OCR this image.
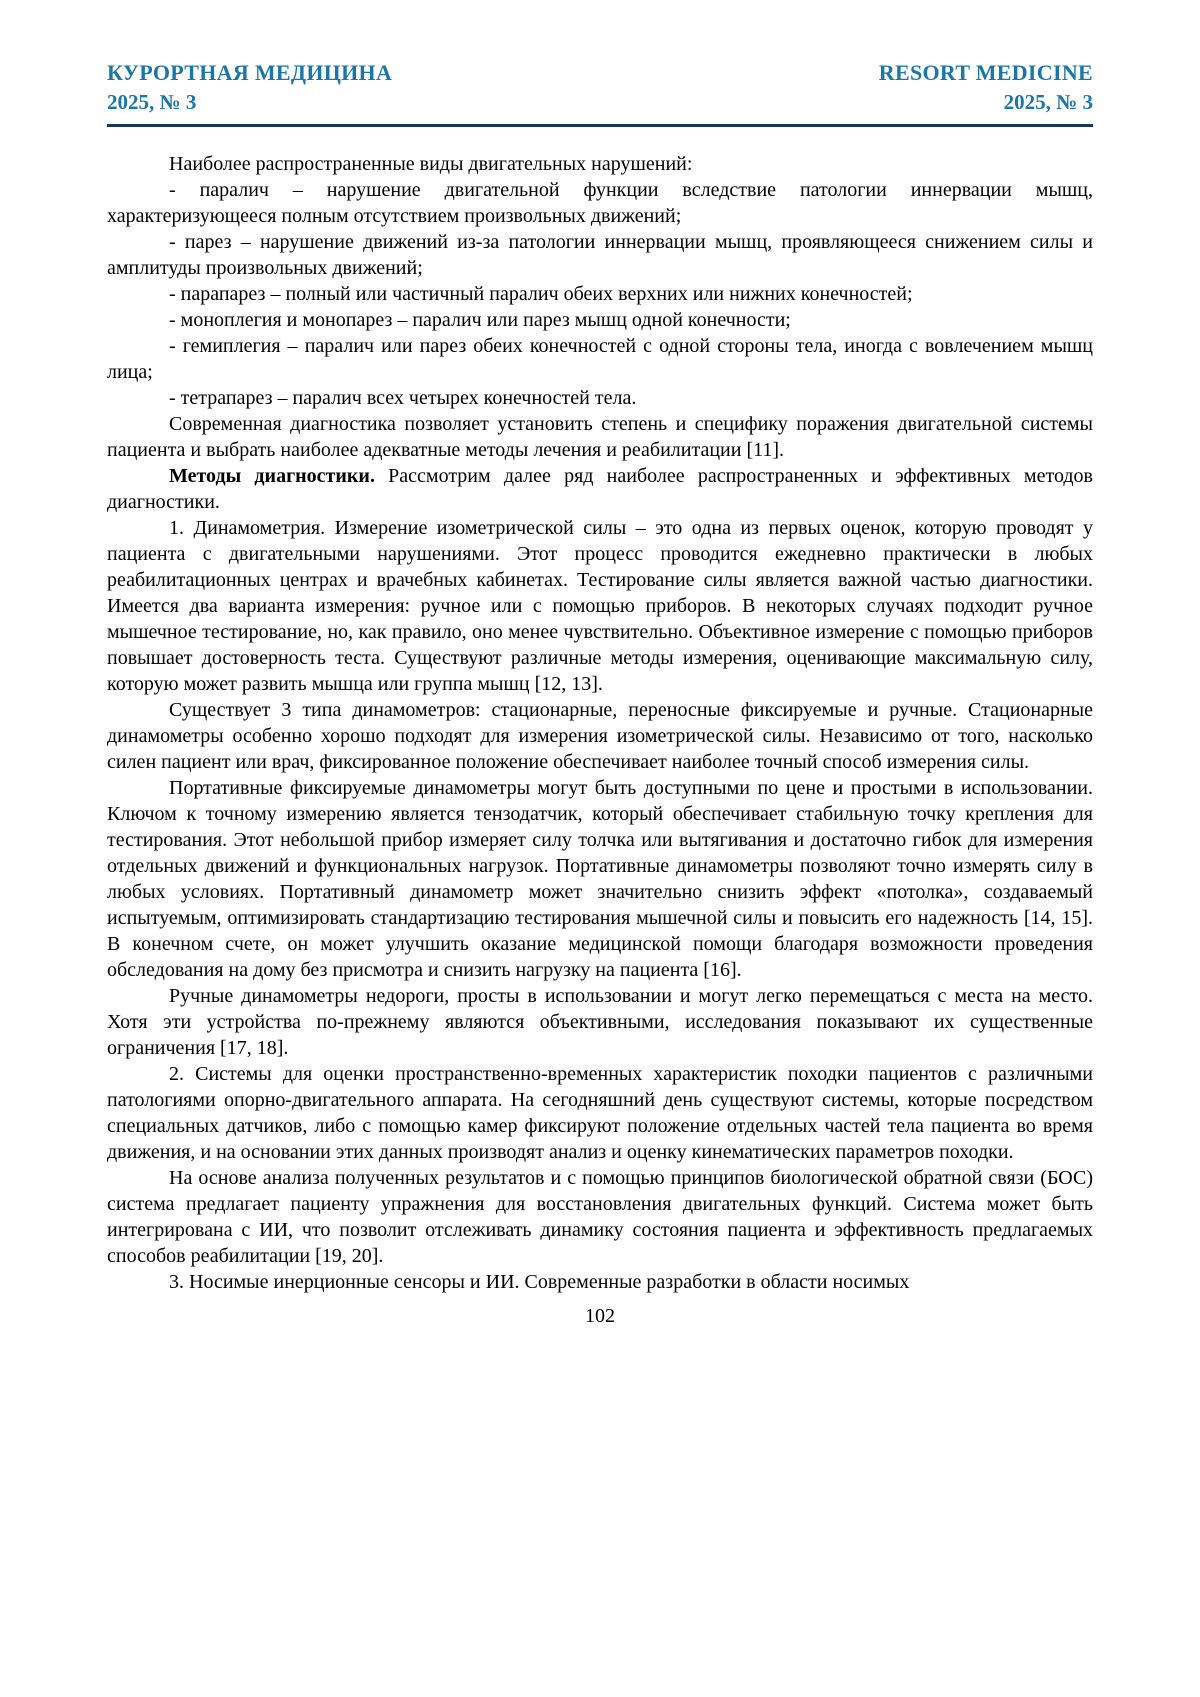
КУРОРТНАЯ МЕДИЦИНА
2025, № 3
RESORT MEDICINE
2025, № 3

Наиболее распространенные виды двигательных нарушений:

- паралич – нарушение двигательной функции вследствие патологии иннервации мышц, характеризующееся полным отсутствием произвольных движений;

- парез – нарушение движений из-за патологии иннервации мышц, проявляющееся снижением силы и амплитуды произвольных движений;

- парапарез – полный или частичный паралич обеих верхних или нижних конечностей;

- моноплегия и монопарез – паралич или парез мышц одной конечности;

- гемиплегия – паралич или парез обеих конечностей с одной стороны тела, иногда с вовлечением мышц лица;

- тетрапарез – паралич всех четырех конечностей тела.

Современная диагностика позволяет установить степень и специфику поражения двигательной системы пациента и выбрать наиболее адекватные методы лечения и реабилитации [11].

Методы диагностики. Рассмотрим далее ряд наиболее распространенных и эффективных методов диагностики.

1. Динамометрия. Измерение изометрической силы – это одна из первых оценок, которую проводят у пациента с двигательными нарушениями. Этот процесс проводится ежедневно практически в любых реабилитационных центрах и врачебных кабинетах. Тестирование силы является важной частью диагностики. Имеется два варианта измерения: ручное или с помощью приборов. В некоторых случаях подходит ручное мышечное тестирование, но, как правило, оно менее чувствительно. Объективное измерение с помощью приборов повышает достоверность теста. Существуют различные методы измерения, оценивающие максимальную силу, которую может развить мышца или группа мышц [12, 13].

Существует 3 типа динамометров: стационарные, переносные фиксируемые и ручные. Стационарные динамометры особенно хорошо подходят для измерения изометрической силы. Независимо от того, насколько силен пациент или врач, фиксированное положение обеспечивает наиболее точный способ измерения силы.

Портативные фиксируемые динамометры могут быть доступными по цене и простыми в использовании. Ключом к точному измерению является тензодатчик, который обеспечивает стабильную точку крепления для тестирования. Этот небольшой прибор измеряет силу толчка или вытягивания и достаточно гибок для измерения отдельных движений и функциональных нагрузок. Портативные динамометры позволяют точно измерять силу в любых условиях. Портативный динамометр может значительно снизить эффект «потолка», создаваемый испытуемым, оптимизировать стандартизацию тестирования мышечной силы и повысить его надежность [14, 15]. В конечном счете, он может улучшить оказание медицинской помощи благодаря возможности проведения обследования на дому без присмотра и снизить нагрузку на пациента [16].

Ручные динамометры недороги, просты в использовании и могут легко перемещаться с места на место. Хотя эти устройства по-прежнему являются объективными, исследования показывают их существенные ограничения [17, 18].

2. Системы для оценки пространственно-временных характеристик походки пациентов с различными патологиями опорно-двигательного аппарата. На сегодняшний день существуют системы, которые посредством специальных датчиков, либо с помощью камер фиксируют положение отдельных частей тела пациента во время движения, и на основании этих данных производят анализ и оценку кинематических параметров походки.

На основе анализа полученных результатов и с помощью принципов биологической обратной связи (БОС) система предлагает пациенту упражнения для восстановления двигательных функций. Система может быть интегрирована с ИИ, что позволит отслеживать динамику состояния пациента и эффективность предлагаемых способов реабилитации [19, 20].

3. Носимые инерционные сенсоры и ИИ. Современные разработки в области носимых

102
